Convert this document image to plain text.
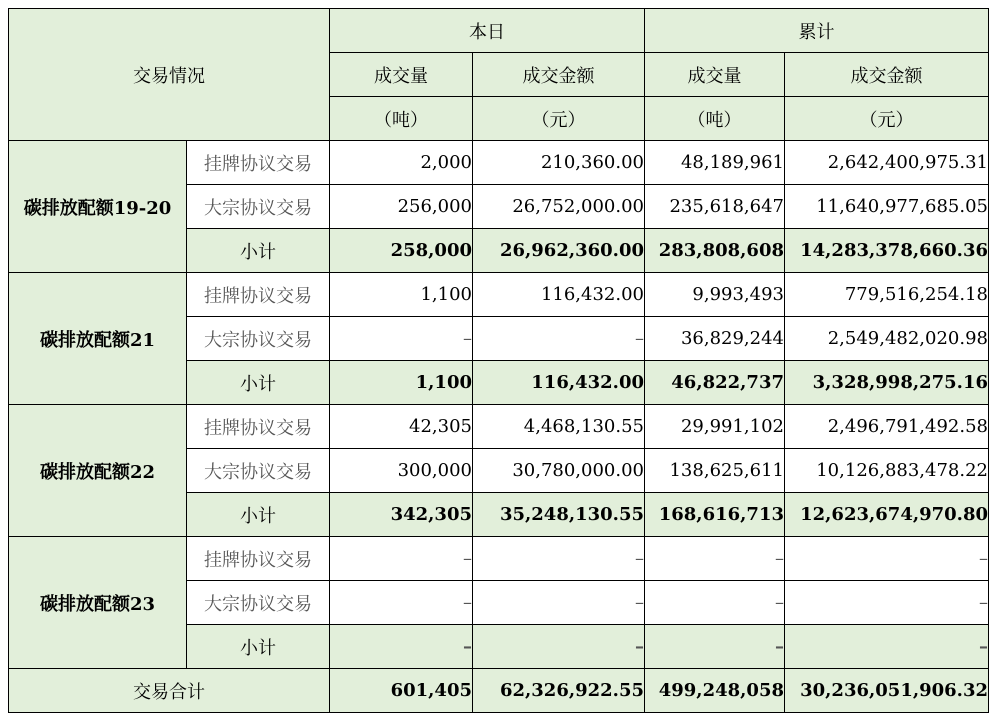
交易情况		本日		累计	
		成交量	成交金额	成交量	成交金额
		（吨）	（元）	（吨）	（元）
碳排放配额19-20	挂牌协议交易	2,000	210,360.00	48,189,961	2,642,400,975.31
	大宗协议交易	256,000	26,752,000.00	235,618,647	11,640,977,685.05
	小计	258,000	26,962,360.00	283,808,608	14,283,378,660.36
碳排放配额21	挂牌协议交易	1,100	116,432.00	9,993,493	779,516,254.18
	大宗协议交易	–	–	36,829,244	2,549,482,020.98
	小计	1,100	116,432.00	46,822,737	3,328,998,275.16
碳排放配额22	挂牌协议交易	42,305	4,468,130.55	29,991,102	2,496,791,492.58
	大宗协议交易	300,000	30,780,000.00	138,625,611	10,126,883,478.22
	小计	342,305	35,248,130.55	168,616,713	12,623,674,970.80
碳排放配额23	挂牌协议交易	–	–	–	–
	大宗协议交易	–	–	–	–
	小计	–	–	–	–
交易合计		601,405	62,326,922.55	499,248,058	30,236,051,906.32
